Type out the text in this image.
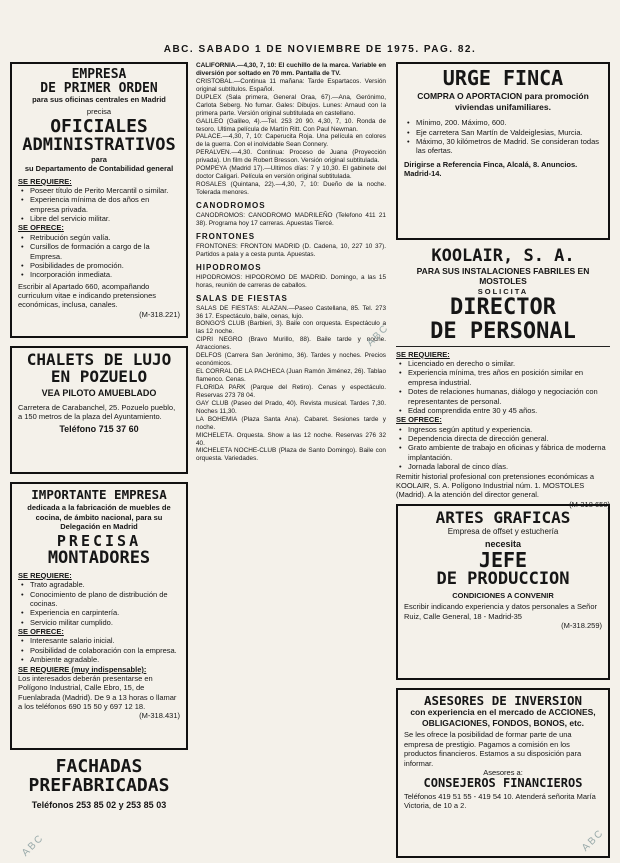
ABC. SABADO 1 DE NOVIEMBRE DE 1975. PAG. 82.
EMPRESA
DE PRIMER ORDEN
para sus oficinas centrales en Madrid
precisa
OFICIALES
ADMINISTRATIVOS
para
su Departamento de Contabilidad general
SE REQUIERE:
• Poseer título de Perito Mercantil o similar.
• Experiencia mínima de dos años en empresa privada.
• Libre del servicio militar.
SE OFRECE:
• Retribución según valía.
• Cursillos de formación a cargo de la Empresa.
• Posibilidades de promoción.
• Incorporación inmediata.
Escribir al Apartado 660, acompañando curriculum vitae e indicando pretensiones económicas, inclusa, canales.
(M-318.221)
CHALETS DE LUJO
EN POZUELO
VEA PILOTO AMUEBLADO
Carretera de Carabanchel, 25. Pozuelo pueblo, a 150 metros de la plaza del Ayuntamiento.
Teléfono 715 37 60
IMPORTANTE EMPRESA
dedicada a la fabricación de muebles de cocina, de ámbito nacional, para su Delegación en Madrid
PRECISA
MONTADORES
SE REQUIERE:
• Trato agradable.
• Conocimiento de plano de distribución de cocinas.
• Experiencia en carpintería.
• Servicio militar cumplido.
SE OFRECE:
• Interesante salario inicial.
• Posibilidad de colaboración con la empresa.
• Ambiente agradable.
SE REQUIERE (muy indispensable):
Los interesados deberán presentarse en Polígono Industrial, Calle Ebro, 15, de Fuenlabrada (Madrid). De 9 a 13 horas o llamar a los teléfonos 690 15 50 y 697 12 18.
(M-318.431)
FACHADAS
PREFABRICADAS
Teléfonos 253 85 02 y 253 85 03
CALIFORNIA.—4,30, 7, 10: El cuchillo de la marca. Variable en diversión por soltado en 70 mm. Pantalla de TV.
CRISTOBAL.—Continua 11 mañana: Tarde Espartacos. Versión original subtítulos. Español.
DUPLEX (Sala primera, General Oraa, 67).—Ana, Gerónimo, Carlota Seberg. No fumar. Gales: Dibujos. Lunes: Arnaud con la primera parte. Versión original subtitulada en castellano.
GALILEO (Galileo, 4).—Tel. 253 20 90. 4,30, 7, 10. Ronda de tesoro. Ultima película de Martín Ritt. Con Paul Newman.
PALACE.—4,30, 7, 10: Caperucita Roja. Una película en colores de la guerra. Con el inolvidable Sean Connery.
PERALVEN.—4,30. Continua: Proceso de Juana (Proyección privada). Un film de Robert Bresson. Versión original subtitulada.
POMPEYA (Madrid 17).—Ultimos días: 7 y 10,30. El gabinete del doctor Caligari. Película en versión original subtitulada.
ROSALES (Quintana, 22).—4,30, 7, 10: Dueño de la noche. Tolerada menores.
CANODROMOS
CANODROMOS: CANODROMO MADRILEÑO (Telefono 411 21 38). Programa hoy 17 carreras. Apuestas Tiercé.
FRONTONES
FRONTONES: FRONTON MADRID (D. Cadena, 10, 227 10 37). Partidos a pala y a cesta punta. Apuestas.
HIPODROMOS
HIPODROMOS: HIPODROMO DE MADRID. Domingo, a las 15 horas, reunión de carreras de caballos.
SALAS DE FIESTAS
SALAS DE FIESTAS: ALAZAN.—Paseo Castellana, 85. Tel. 273 36 17. Espectáculo, baile, cenas, lujo.
BONGO'S CLUB (Barbieri, 3). Baile con orquesta. Espectáculo a las 12 noche.
CIPRI NEGRO (Bravo Murillo, 88). Baile tarde y noche. Atracciones.
DELFOS (Carrera San Jerónimo, 36). Tardes y noches. Precios económicos.
EL CORRAL DE LA PACHECA (Juan Ramón Jiménez, 26). Tablao flamenco. Cenas.
FLORIDA PARK (Parque del Retiro). Cenas y espectáculo. Reservas 273 78 04.
GAY CLUB (Paseo del Prado, 40). Revista musical. Tardes 7,30. Noches 11,30.
LA BOHEMIA (Plaza Santa Ana). Cabaret. Sesiones tarde y noche.
MICHELETA. Orquesta. Show a las 12 noche. Reservas 276 32 40.
MICHELETA NOCHE-CLUB (Plaza de Santo Domingo). Baile con orquesta. Variedades.
URGE FINCA
COMPRA O APORTACION para promoción viviendas unifamiliares.
• Mínimo, 200. Máximo, 600.
• Eje carretera San Martín de Valdeiglesias, Murcia.
• Máximo, 30 kilómetros de Madrid. Se consideran todas las ofertas.
Dirigirse a Referencia Finca, Alcalá, 8. Anuncios. Madrid-14.
KOOLAIR, S. A.
PARA SUS INSTALACIONES FABRILES EN MOSTOLES
SOLICITA
DIRECTOR
DE PERSONAL
SE REQUIERE:
• Licenciado en derecho o similar.
• Experiencia mínima, tres años en posición similar en empresa industrial.
• Dotes de relaciones humanas, diálogo y negociación con representantes de personal.
• Edad comprendida entre 30 y 45 años.
SE OFRECE:
• Ingresos según aptitud y experiencia.
• Dependencia directa de dirección general.
• Grato ambiente de trabajo en oficinas y fábrica de moderna implantación.
• Jornada laboral de cinco días.
Remitir historial profesional con pretensiones económicas a KOOLAIR, S. A. Polígono Industrial núm. 1. MOSTOLES (Madrid). A la atención del director general.
(M-318 650)
ARTES GRAFICAS
Empresa de offset y estuchería
necesita
JEFE
DE PRODUCCION
CONDICIONES A CONVENIR
Escribir indicando experiencia y datos personales a Señor Ruiz, Calle General, 18 - Madrid-35
(M-318.259)
ASESORES DE INVERSION
con experiencia en el mercado de ACCIONES, OBLIGACIONES, FONDOS, BONOS, etc.
Se les ofrece la posibilidad de formar parte de una empresa de prestigio. Pagamos a comisión en los productos financieros. Estamos a su disposición para informar.
Asesores a:
CONSEJEROS FINANCIEROS
Teléfonos 419 51 55 - 419 54 10. Atenderá señorita María Victoria, de 10 a 2.
ABC
ABC	ABC
